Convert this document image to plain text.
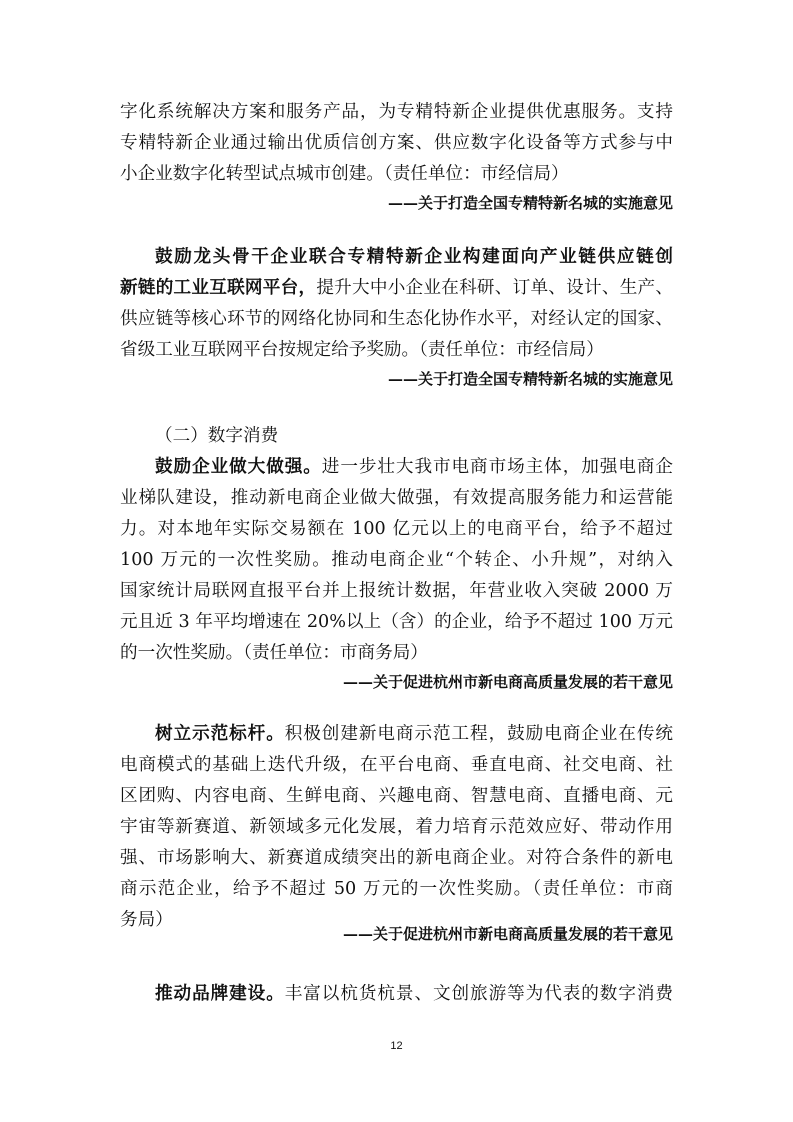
字化系统解决方案和服务产品，为专精特新企业提供优惠服务。支持
专精特新企业通过输出优质信创方案、供应数字化设备等方式参与中
小企业数字化转型试点城市创建。（责任单位：市经信局）
——关于打造全国专精特新名城的实施意见
鼓励龙头骨干企业联合专精特新企业构建面向产业链供应链创
新链的工业互联网平台，提升大中小企业在科研、订单、设计、生产、
供应链等核心环节的网络化协同和生态化协作水平，对经认定的国家、
省级工业互联网平台按规定给予奖励。（责任单位：市经信局）
——关于打造全国专精特新名城的实施意见
（二）数字消费
鼓励企业做大做强。进一步壮大我市电商市场主体，加强电商企
业梯队建设，推动新电商企业做大做强，有效提高服务能力和运营能
力。对本地年实际交易额在 100 亿元以上的电商平台，给予不超过
100 万元的一次性奖励。推动电商企业“个转企、小升规”，对纳入
国家统计局联网直报平台并上报统计数据，年营业收入突破 2000 万
元且近 3 年平均增速在 20%以上（含）的企业，给予不超过 100 万元
的一次性奖励。（责任单位：市商务局）
——关于促进杭州市新电商高质量发展的若干意见
树立示范标杆。积极创建新电商示范工程，鼓励电商企业在传统
电商模式的基础上迭代升级，在平台电商、垂直电商、社交电商、社
区团购、内容电商、生鲜电商、兴趣电商、智慧电商、直播电商、元
宇宙等新赛道、新领域多元化发展，着力培育示范效应好、带动作用
强、市场影响大、新赛道成绩突出的新电商企业。对符合条件的新电
商示范企业，给予不超过 50 万元的一次性奖励。（责任单位：市商
务局）
——关于促进杭州市新电商高质量发展的若干意见
推动品牌建设。丰富以杭货杭景、文创旅游等为代表的数字消费
12
